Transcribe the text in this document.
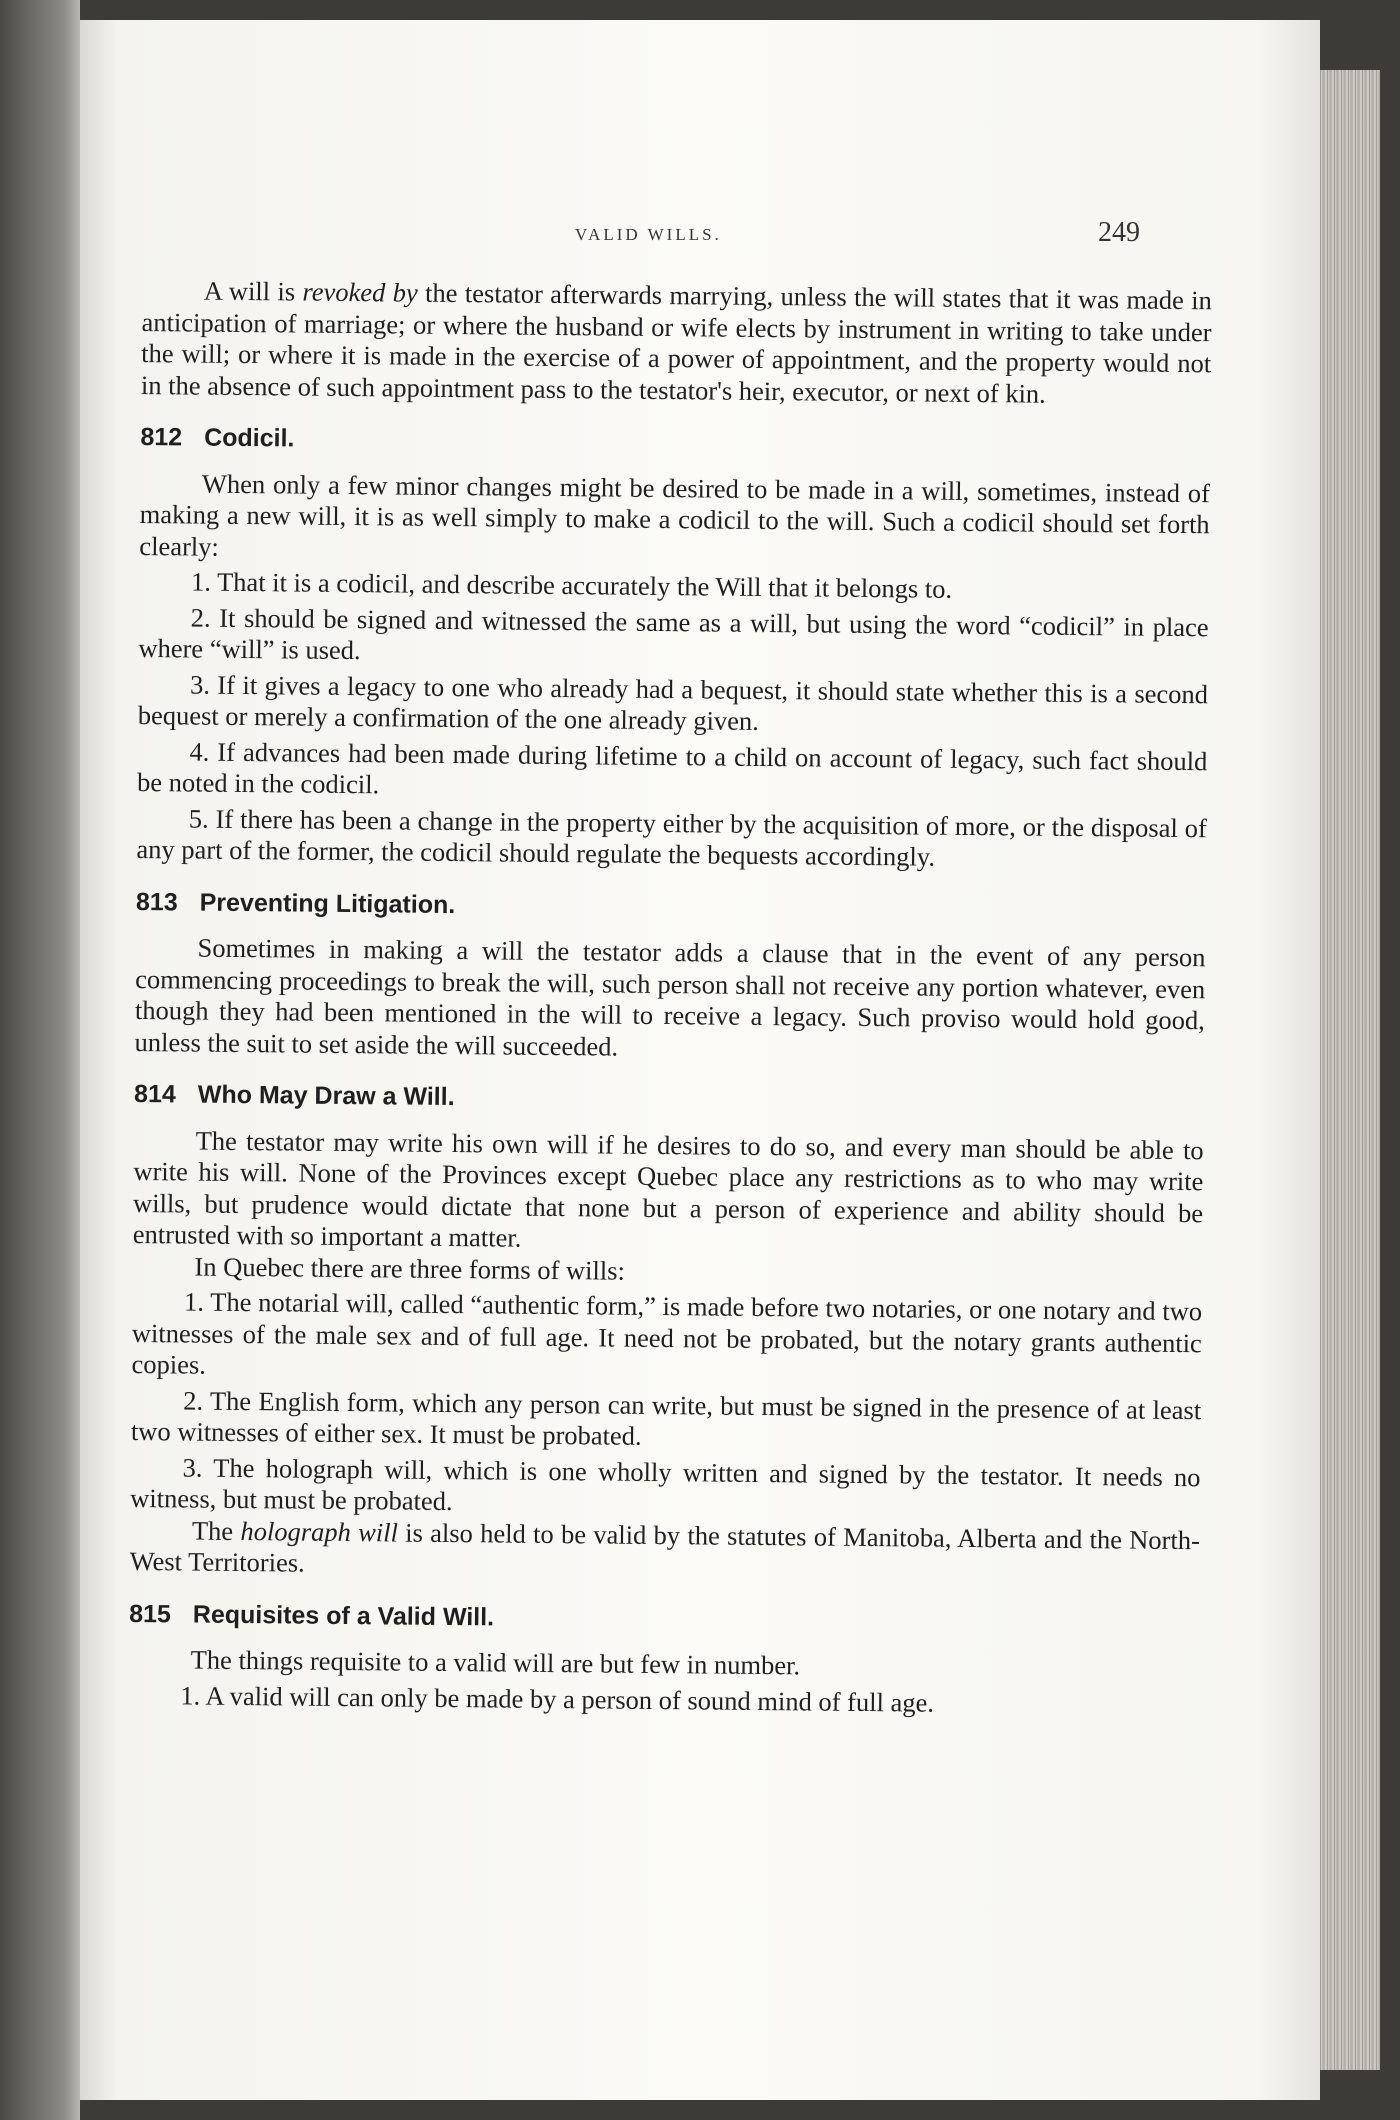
VALID WILLS.	249

A will is revoked by the testator afterwards marrying, unless the will states that it was made in anticipation of marriage; or where the husband or wife elects by instrument in writing to take under the will; or where it is made in the exercise of a power of appointment, and the property would not in the absence of such appointment pass to the testator's heir, executor, or next of kin.

812 Codicil.

When only a few minor changes might be desired to be made in a will, sometimes, instead of making a new will, it is as well simply to make a codicil to the will. Such a codicil should set forth clearly:

1. That it is a codicil, and describe accurately the Will that it belongs to.

2. It should be signed and witnessed the same as a will, but using the word “codicil” in place where “will” is used.

3. If it gives a legacy to one who already had a bequest, it should state whether this is a second bequest or merely a confirmation of the one already given.

4. If advances had been made during lifetime to a child on account of legacy, such fact should be noted in the codicil.

5. If there has been a change in the property either by the acquisition of more, or the disposal of any part of the former, the codicil should regulate the bequests accordingly.

813 Preventing Litigation.

Sometimes in making a will the testator adds a clause that in the event of any person commencing proceedings to break the will, such person shall not receive any portion whatever, even though they had been mentioned in the will to receive a legacy. Such proviso would hold good, unless the suit to set aside the will succeeded.

814 Who May Draw a Will.

The testator may write his own will if he desires to do so, and every man should be able to write his will. None of the Provinces except Quebec place any restrictions as to who may write wills, but prudence would dictate that none but a person of experience and ability should be entrusted with so important a matter.

In Quebec there are three forms of wills:

1. The notarial will, called “authentic form,” is made before two notaries, or one notary and two witnesses of the male sex and of full age. It need not be probated, but the notary grants authentic copies.

2. The English form, which any person can write, but must be signed in the presence of at least two witnesses of either sex. It must be probated.

3. The holograph will, which is one wholly written and signed by the testator. It needs no witness, but must be probated.

The holograph will is also held to be valid by the statutes of Manitoba, Alberta and the North-West Territories.

815 Requisites of a Valid Will.

The things requisite to a valid will are but few in number.

1. A valid will can only be made by a person of sound mind of full age.
